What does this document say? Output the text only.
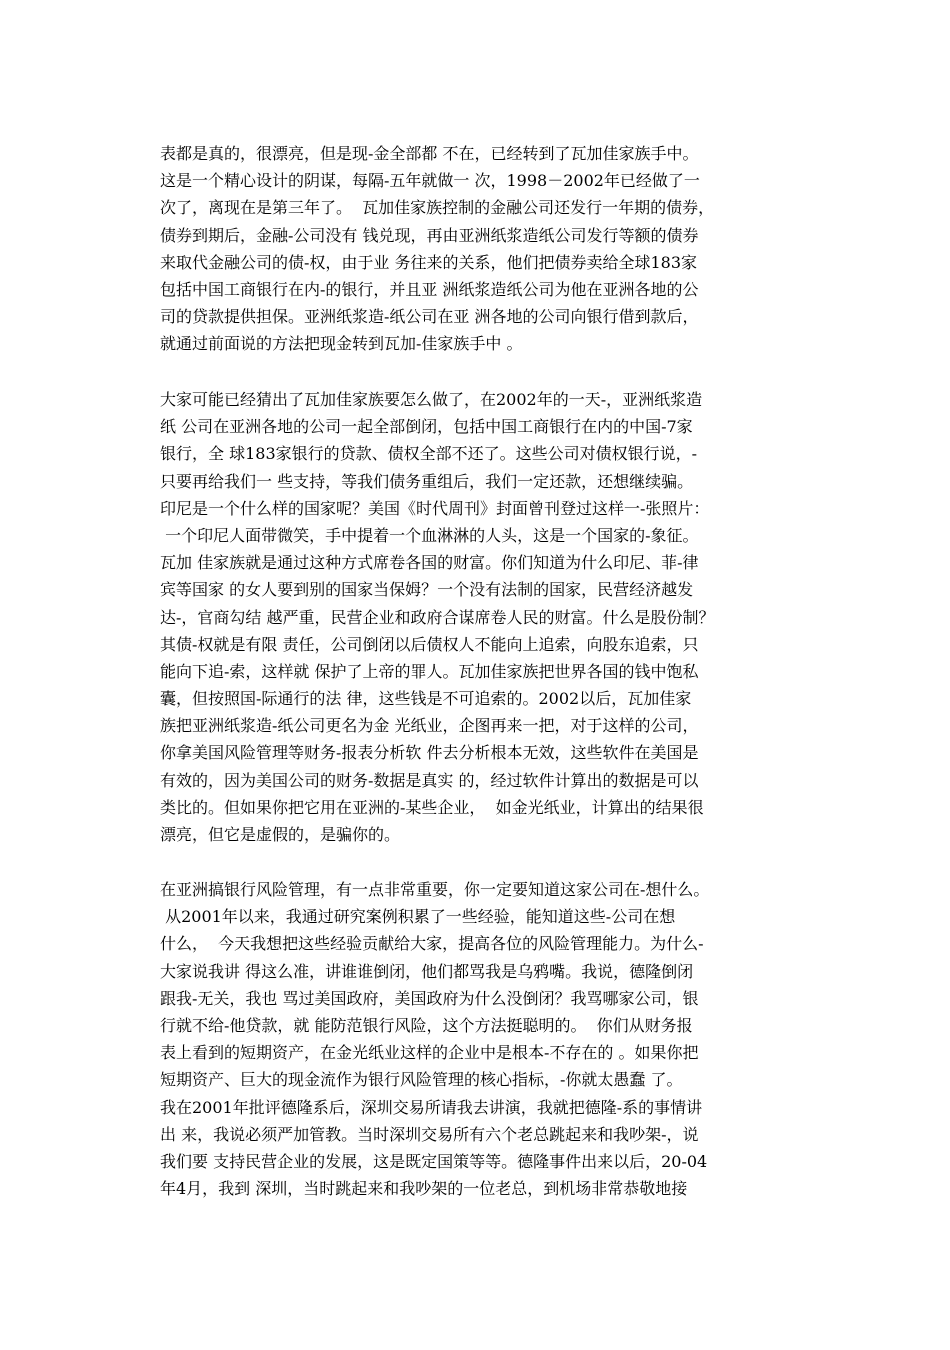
表都是真的，很漂亮，但是现-金全部都 不在，已经转到了瓦加佳家族手中。
这是一个精心设计的阴谋，每隔-五年就做一 次，1998－2002年已经做了一
次了，离现在是第三年了。  瓦加佳家族控制的金融公司还发行一年期的债券，
债券到期后，金融-公司没有 钱兑现，再由亚洲纸浆造纸公司发行等额的债券
来取代金融公司的债-权，由于业 务往来的关系，他们把债券卖给全球183家
包括中国工商银行在内-的银行，并且亚 洲纸浆造纸公司为他在亚洲各地的公
司的贷款提供担保。亚洲纸浆造-纸公司在亚 洲各地的公司向银行借到款后，
就通过前面说的方法把现金转到瓦加-佳家族手中 。
大家可能已经猜出了瓦加佳家族要怎么做了，在2002年的一天-，亚洲纸浆造
纸 公司在亚洲各地的公司一起全部倒闭，包括中国工商银行在内的中国-7家
银行，全 球183家银行的贷款、债权全部不还了。这些公司对债权银行说，-
只要再给我们一 些支持，等我们债务重组后，我们一定还款，还想继续骗。
印尼是一个什么样的国家呢？美国《时代周刊》封面曾刊登过这样一-张照片：
一个印尼人面带微笑，手中提着一个血淋淋的人头，这是一个国家的-象征。
瓦加 佳家族就是通过这种方式席卷各国的财富。你们知道为什么印尼、菲-律
宾等国家 的女人要到别的国家当保姆？一个没有法制的国家，民营经济越发
达-，官商勾结 越严重，民营企业和政府合谋席卷人民的财富。什么是股份制？
其债-权就是有限 责任，公司倒闭以后债权人不能向上追索，向股东追索，只
能向下追-索，这样就 保护了上帝的罪人。瓦加佳家族把世界各国的钱中饱私
囊，但按照国-际通行的法 律，这些钱是不可追索的。2002以后，瓦加佳家
族把亚洲纸浆造-纸公司更名为金 光纸业，企图再来一把，对于这样的公司，
你拿美国风险管理等财务-报表分析软 件去分析根本无效，这些软件在美国是
有效的，因为美国公司的财务-数据是真实 的，经过软件计算出的数据是可以
类比的。但如果你把它用在亚洲的-某些企业，  如金光纸业，计算出的结果很
漂亮，但它是虚假的，是骗你的。
在亚洲搞银行风险管理，有一点非常重要，你一定要知道这家公司在-想什么。
从2001年以来，我通过研究案例积累了一些经验，能知道这些-公司在想
什么，  今天我想把这些经验贡献给大家，提高各位的风险管理能力。为什么-
大家说我讲 得这么准，讲谁谁倒闭，他们都骂我是乌鸦嘴。我说，德隆倒闭
跟我-无关，我也 骂过美国政府，美国政府为什么没倒闭？我骂哪家公司，银
行就不给-他贷款，就 能防范银行风险，这个方法挺聪明的。  你们从财务报
表上看到的短期资产，在金光纸业这样的企业中是根本-不存在的 。如果你把
短期资产、巨大的现金流作为银行风险管理的核心指标，-你就太愚蠢 了。
我在2001年批评德隆系后，深圳交易所请我去讲演，我就把德隆-系的事情讲
出 来，我说必须严加管教。当时深圳交易所有六个老总跳起来和我吵架-，说
我们要 支持民营企业的发展，这是既定国策等等。德隆事件出来以后，20-04
年4月，我到 深圳，当时跳起来和我吵架的一位老总，到机场非常恭敬地接
